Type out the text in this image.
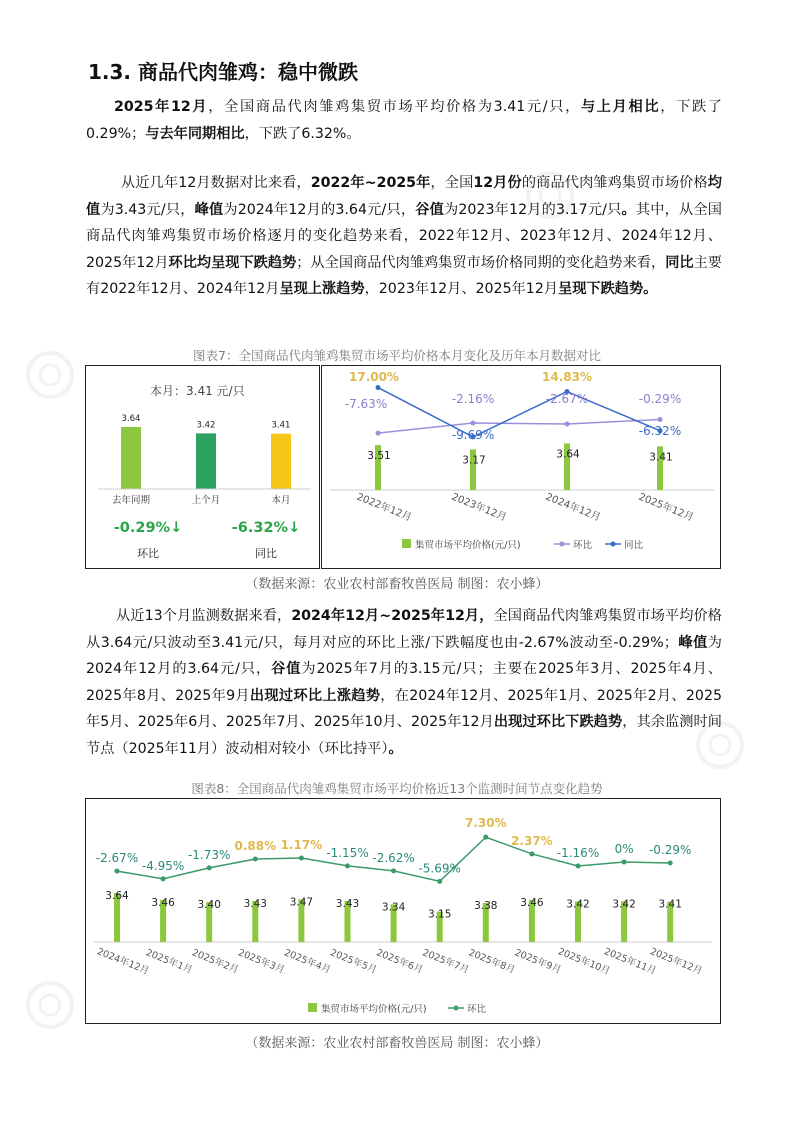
1.3. 商品代肉雏鸡：稳中微跌
2025年12月，全国商品代肉雏鸡集贸市场平均价格为3.41元/只，与上月相比，下跌了0.29%；与去年同期相比，下跌了6.32%。
从近几年12月数据对比来看，2022年~2025年，全国12月份的商品代肉雏鸡集贸市场价格均值为3.43元/只，峰值为2024年12月的3.64元/只，谷值为2023年12月的3.17元/只。其中，从全国商品代肉雏鸡集贸市场价格逐月的变化趋势来看，2022年12月、2023年12月、2024年12月、2025年12月环比均呈现下跌趋势；从全国商品代肉雏鸡集贸市场价格同期的变化趋势来看，同比主要有2022年12月、2024年12月呈现上涨趋势，2023年12月、2025年12月呈现下跌趋势。
图表7：全国商品代肉雏鸡集贸市场平均价格本月变化及历年本月数据对比
本月：3.41 元/只
3.64
去年同期
3.42
上个月
3.41
本月
-0.29%↓
环比
-6.32%↓
同比
3.51
2022年12月
3.17
2023年12月
3.64
2024年12月
3.41
2025年12月
-7.63%	-2.16%	-2.67%	-0.29%
17.00%
-9.69%
14.83%
-6.32%
集贸市场平均价格(元/只)	环比	同比
（数据来源：农业农村部畜牧兽医局 制图：农小蜂）
从近13个月监测数据来看，2024年12月~2025年12月，全国商品代肉雏鸡集贸市场平均价格从3.64元/只波动至3.41元/只，每月对应的环比上涨/下跌幅度也由-2.67%波动至-0.29%；峰值为2024年12月的3.64元/只，谷值为2025年7月的3.15元/只；主要在2025年3月、2025年4月、2025年8月、2025年9月出现过环比上涨趋势，在2024年12月、2025年1月、2025年2月、2025年5月、2025年6月、2025年7月、2025年10月、2025年12月出现过环比下跌趋势，其余监测时间节点（2025年11月）波动相对较小（环比持平）。
图表8：全国商品代肉雏鸡集贸市场平均价格近13个监测时间节点变化趋势
3.64
2024年12月
3.46
2025年1月
3.40
2025年2月
3.43
2025年3月
3.47
2025年4月
3.43
2025年5月
3.34
2025年6月
3.15
2025年7月
3.38
2025年8月
3.46
2025年9月
3.42
2025年10月
3.42
2025年11月
3.41
2025年12月
-2.67%
-4.95%
-1.73%
0.88% 1.17%
-1.15% -2.62%
-5.69%
7.30%
2.37%
-1.16% 0% -0.29%
集贸市场平均价格(元/只)	环比
（数据来源：农业农村部畜牧兽医局 制图：农小蜂）
